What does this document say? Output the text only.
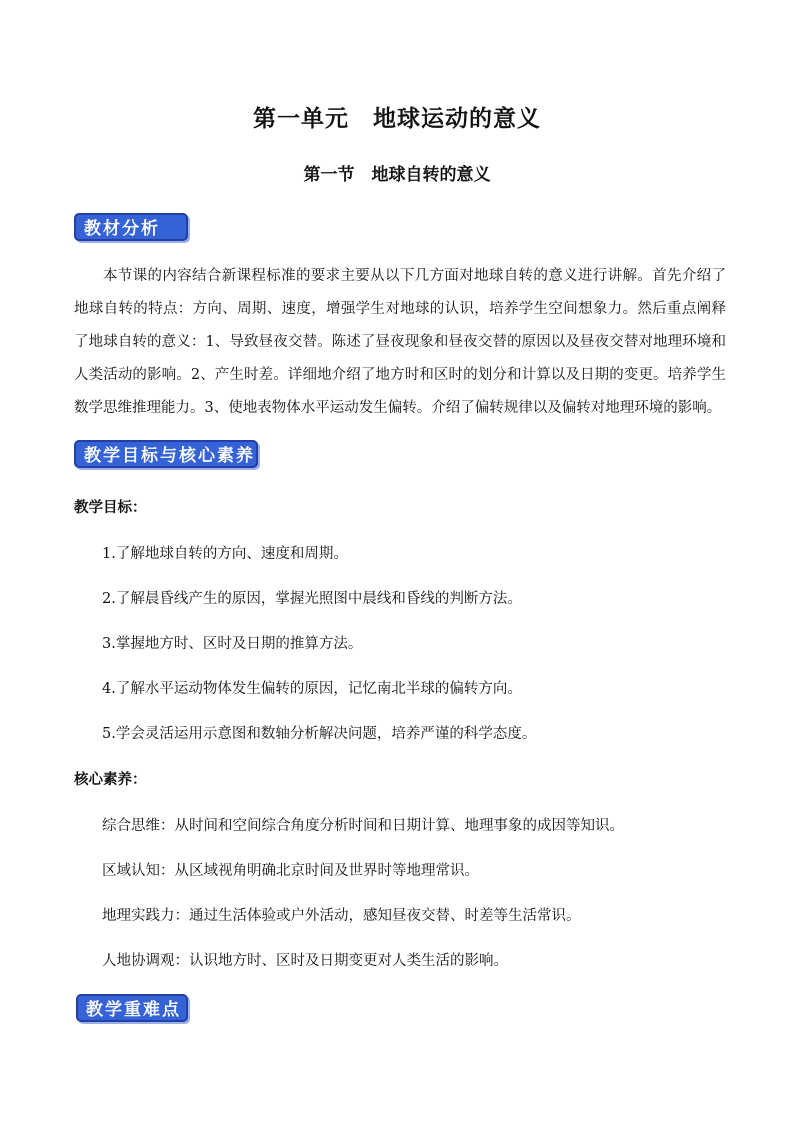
第一单元　地球运动的意义
第一节　地球自转的意义
教材分析
本节课的内容结合新课程标准的要求主要从以下几方面对地球自转的意义进行讲解。首先介绍了地球自转的特点：方向、周期、速度，增强学生对地球的认识，培养学生空间想象力。然后重点阐释了地球自转的意义：1、导致昼夜交替。陈述了昼夜现象和昼夜交替的原因以及昼夜交替对地理环境和人类活动的影响。2、产生时差。详细地介绍了地方时和区时的划分和计算以及日期的变更。培养学生数学思维推理能力。3、使地表物体水平运动发生偏转。介绍了偏转规律以及偏转对地理环境的影响。
教学目标与核心素养
教学目标：
1.了解地球自转的方向、速度和周期。
2.了解晨昏线产生的原因，掌握光照图中晨线和昏线的判断方法。
3.掌握地方时、区时及日期的推算方法。
4.了解水平运动物体发生偏转的原因，记忆南北半球的偏转方向。
5.学会灵活运用示意图和数轴分析解决问题，培养严谨的科学态度。
核心素养：
综合思维：从时间和空间综合角度分析时间和日期计算、地理事象的成因等知识。
区域认知：从区域视角明确北京时间及世界时等地理常识。
地理实践力：通过生活体验或户外活动，感知昼夜交替、时差等生活常识。
人地协调观：认识地方时、区时及日期变更对人类生活的影响。
教学重难点
